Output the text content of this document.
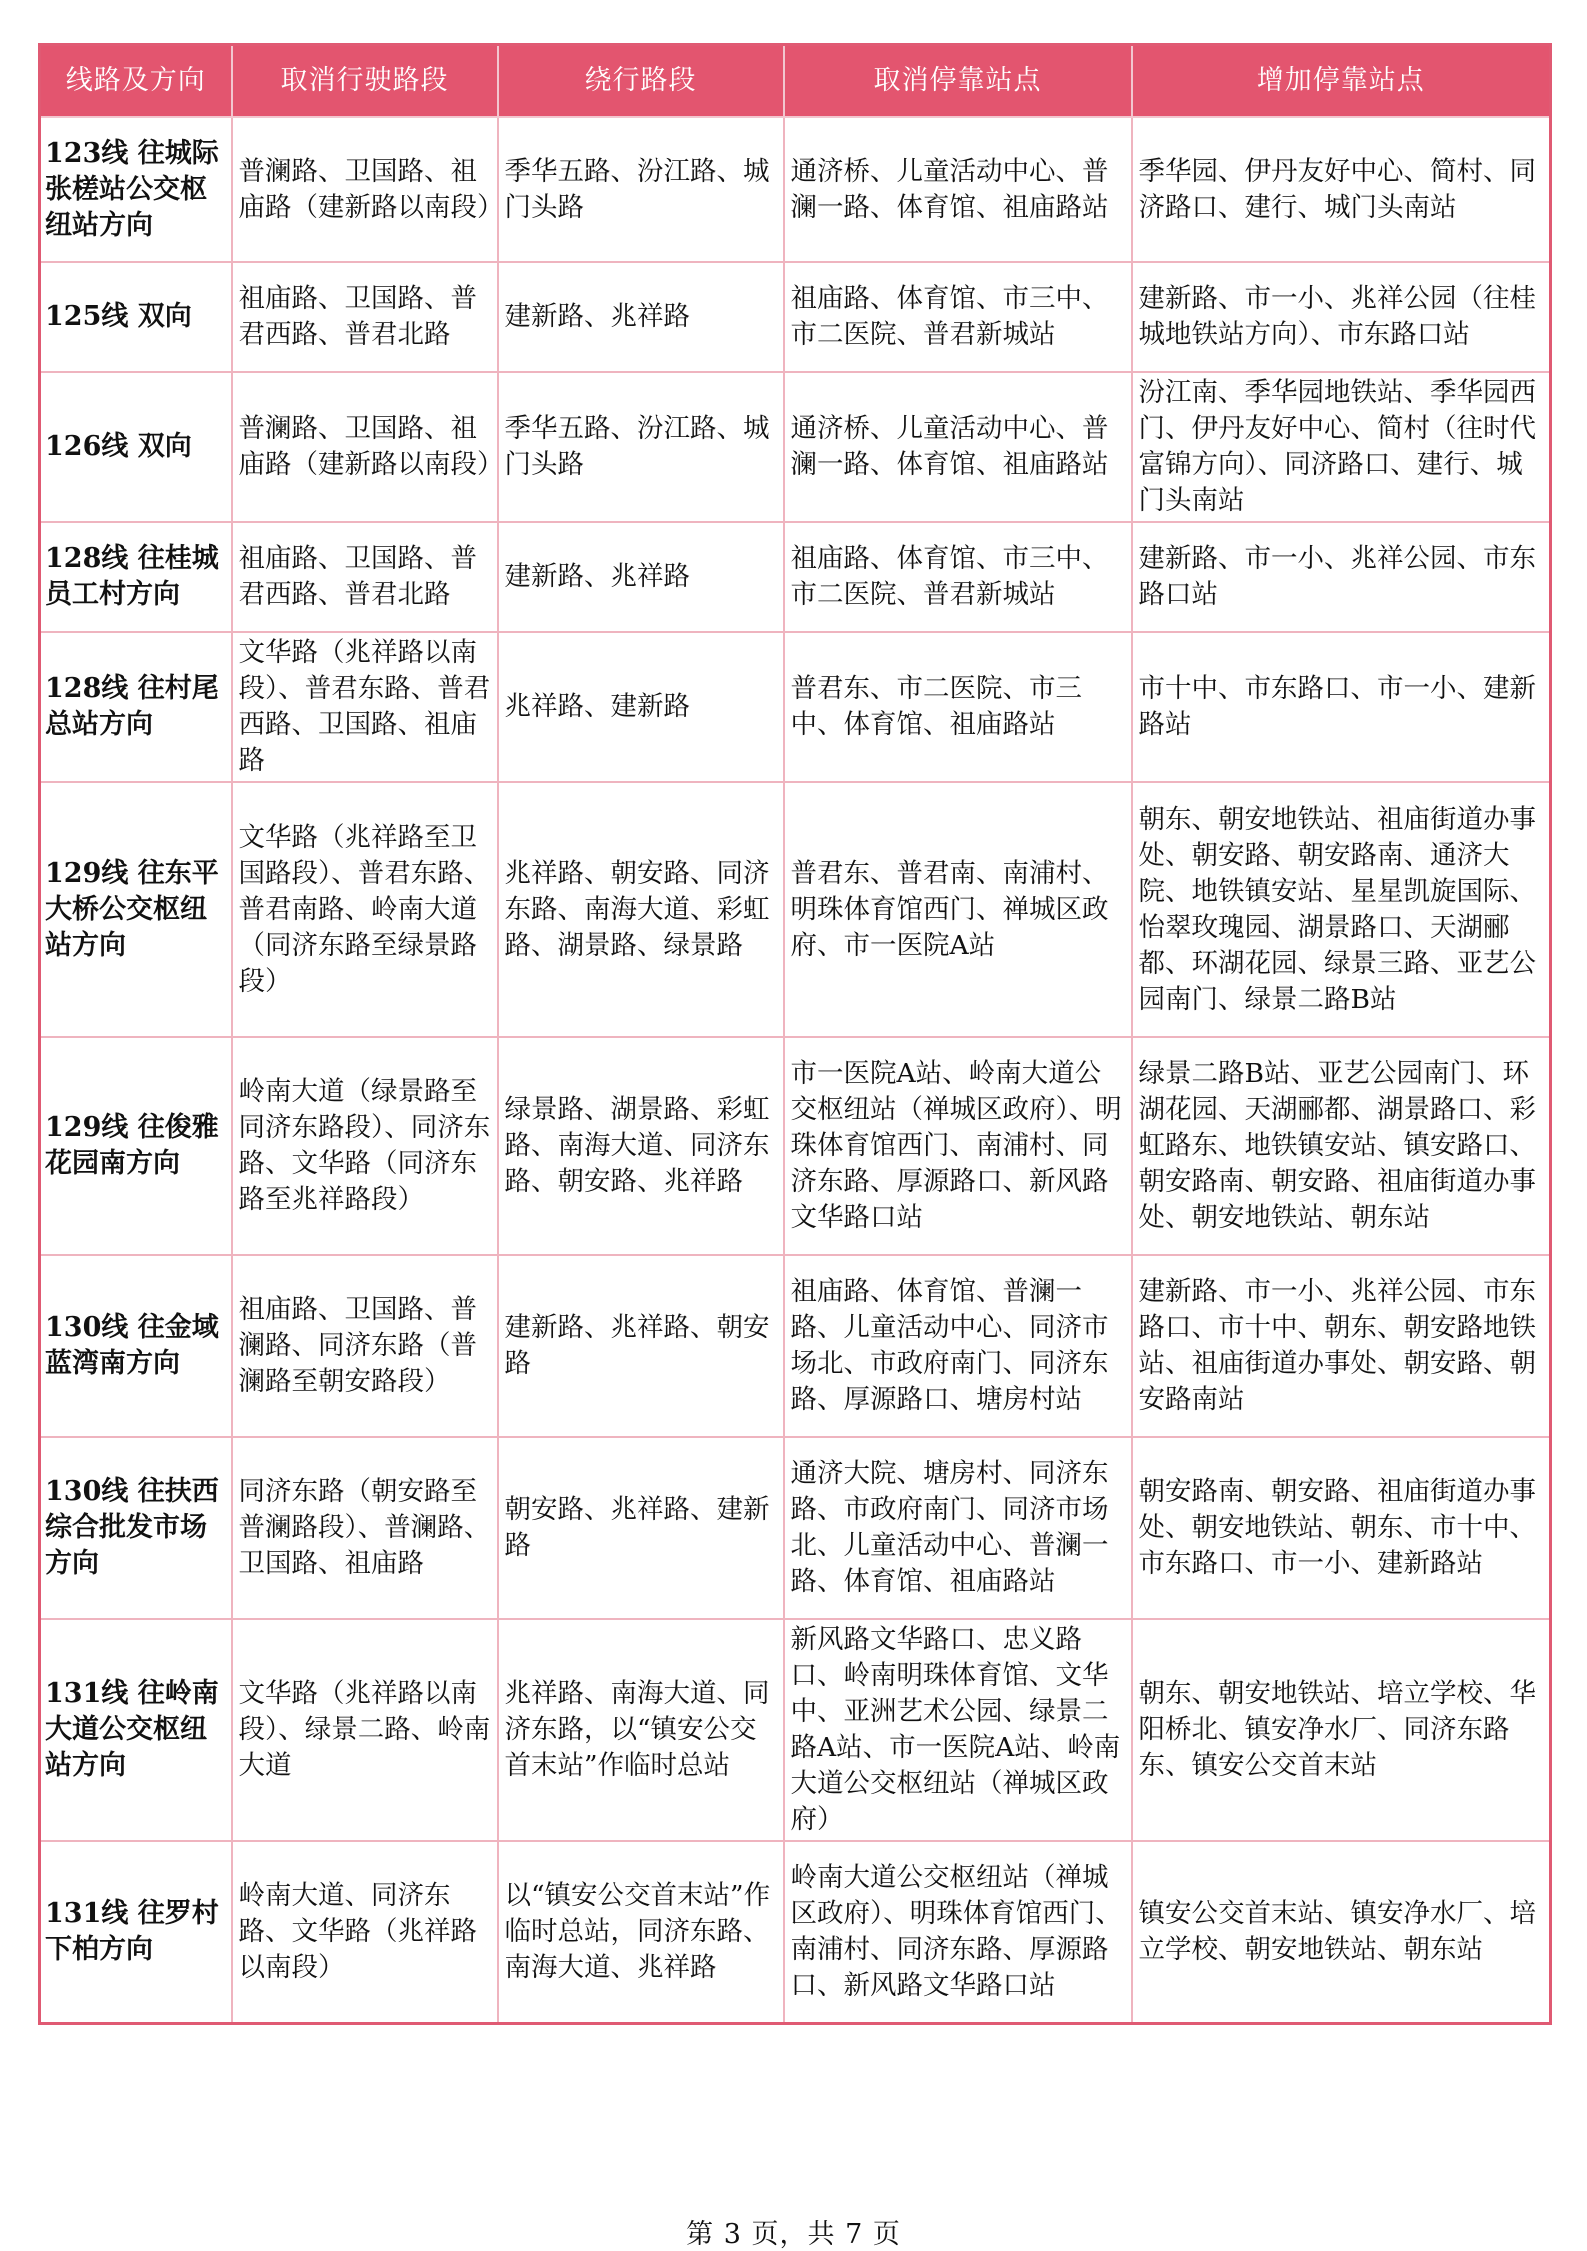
线路及方向	取消行驶路段	绕行路段	取消停靠站点	增加停靠站点
123线 往城际张槎站公交枢纽站方向	普澜路、卫国路、祖庙路（建新路以南段）	季华五路、汾江路、城门头路	通济桥、儿童活动中心、普澜一路、体育馆、祖庙路站	季华园、伊丹友好中心、简村、同济路口、建行、城门头南站
125线 双向	祖庙路、卫国路、普君西路、普君北路	建新路、兆祥路	祖庙路、体育馆、市三中、市二医院、普君新城站	建新路、市一小、兆祥公园（往桂城地铁站方向）、市东路口站
126线 双向	普澜路、卫国路、祖庙路（建新路以南段）	季华五路、汾江路、城门头路	通济桥、儿童活动中心、普澜一路、体育馆、祖庙路站	汾江南、季华园地铁站、季华园西门、伊丹友好中心、简村（往时代富锦方向）、同济路口、建行、城门头南站
128线 往桂城员工村方向	祖庙路、卫国路、普君西路、普君北路	建新路、兆祥路	祖庙路、体育馆、市三中、市二医院、普君新城站	建新路、市一小、兆祥公园、市东路口站
128线 往村尾总站方向	文华路（兆祥路以南段）、普君东路、普君西路、卫国路、祖庙路	兆祥路、建新路	普君东、市二医院、市三中、体育馆、祖庙路站	市十中、市东路口、市一小、建新路站
129线 往东平大桥公交枢纽站方向	文华路（兆祥路至卫国路段）、普君东路、普君南路、岭南大道（同济东路至绿景路段）	兆祥路、朝安路、同济东路、南海大道、彩虹路、湖景路、绿景路	普君东、普君南、南浦村、明珠体育馆西门、禅城区政府、市一医院A站	朝东、朝安地铁站、祖庙街道办事处、朝安路、朝安路南、通济大院、地铁镇安站、星星凯旋国际、怡翠玫瑰园、湖景路口、天湖郦都、环湖花园、绿景三路、亚艺公园南门、绿景二路B站
129线 往俊雅花园南方向	岭南大道（绿景路至同济东路段）、同济东路、文华路（同济东路至兆祥路段）	绿景路、湖景路、彩虹路、南海大道、同济东路、朝安路、兆祥路	市一医院A站、岭南大道公交枢纽站（禅城区政府）、明珠体育馆西门、南浦村、同济东路、厚源路口、新风路文华路口站	绿景二路B站、亚艺公园南门、环湖花园、天湖郦都、湖景路口、彩虹路东、地铁镇安站、镇安路口、朝安路南、朝安路、祖庙街道办事处、朝安地铁站、朝东站
130线 往金域蓝湾南方向	祖庙路、卫国路、普澜路、同济东路（普澜路至朝安路段）	建新路、兆祥路、朝安路	祖庙路、体育馆、普澜一路、儿童活动中心、同济市场北、市政府南门、同济东路、厚源路口、塘房村站	建新路、市一小、兆祥公园、市东路口、市十中、朝东、朝安路地铁站、祖庙街道办事处、朝安路、朝安路南站
130线 往扶西综合批发市场方向	同济东路（朝安路至普澜路段）、普澜路、卫国路、祖庙路	朝安路、兆祥路、建新路	通济大院、塘房村、同济东路、市政府南门、同济市场北、儿童活动中心、普澜一路、体育馆、祖庙路站	朝安路南、朝安路、祖庙街道办事处、朝安地铁站、朝东、市十中、市东路口、市一小、建新路站
131线 往岭南大道公交枢纽站方向	文华路（兆祥路以南段）、绿景二路、岭南大道	兆祥路、南海大道、同济东路，以“镇安公交首末站”作临时总站	新风路文华路口、忠义路口、岭南明珠体育馆、文华中、亚洲艺术公园、绿景二路A站、市一医院A站、岭南大道公交枢纽站（禅城区政府）	朝东、朝安地铁站、培立学校、华阳桥北、镇安净水厂、同济东路东、镇安公交首末站
131线 往罗村下柏方向	岭南大道、同济东路、文华路（兆祥路以南段）	以“镇安公交首末站”作临时总站，同济东路、南海大道、兆祥路	岭南大道公交枢纽站（禅城区政府）、明珠体育馆西门、南浦村、同济东路、厚源路口、新风路文华路口站	镇安公交首末站、镇安净水厂、培立学校、朝安地铁站、朝东站
第 3 页，共 7 页
